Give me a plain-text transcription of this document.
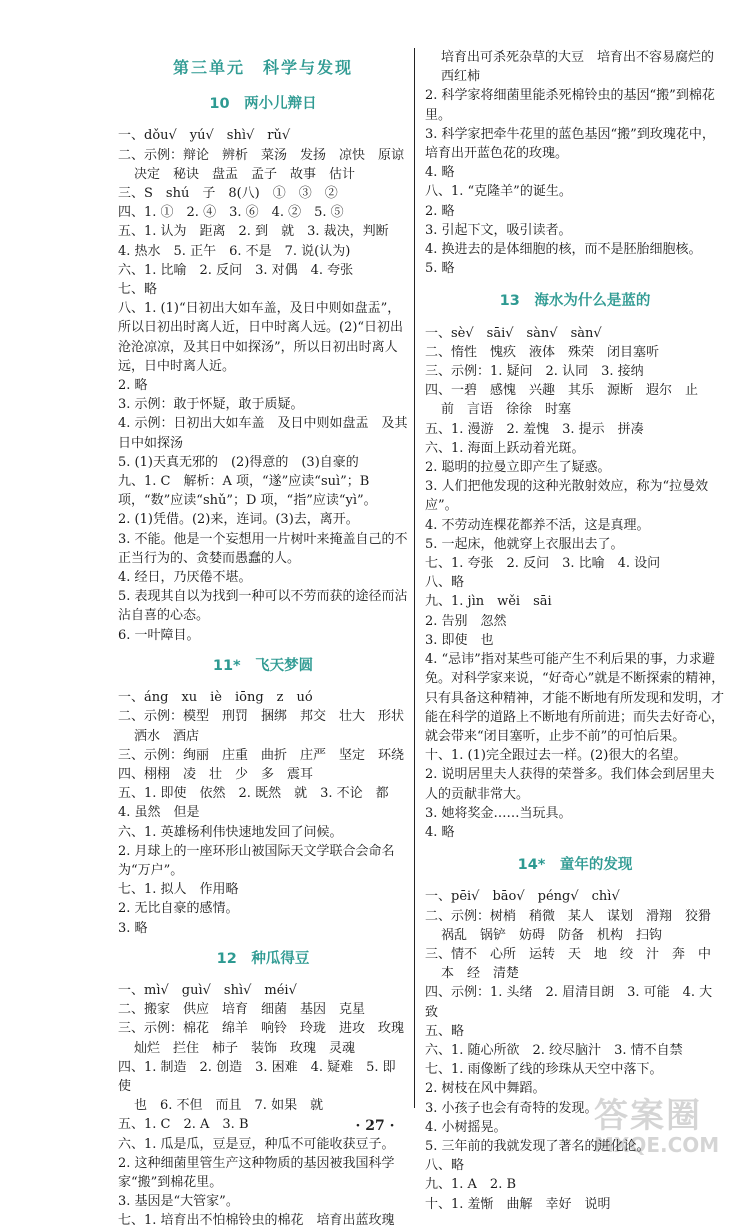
第三单元　科学与发现
10　两小儿辩日
一、dǒu√　yú√　shì√　rǔ√
二、示例：辩论　辨析　菜汤　发扬　凉快　原谅
决定　秘诀　盘盂　孟子　故事　估计
三、S　shú　子　8(八)　①　③　②
四、1. ①　2. ④　3. ⑥　4. ②　5. ⑤
五、1. 认为　距离　2. 到　就　3. 裁决，判断
4. 热水　5. 正午　6. 不是　7. 说(认为)
六、1. 比喻　2. 反问　3. 对偶　4. 夸张
七、略
八、1. (1)“日初出大如车盖，及日中则如盘盂”，所以日初出时离人近，日中时离人远。(2)“日初出沧沧凉凉，及其日中如探汤”，所以日初出时离人远，日中时离人近。
2. 略
3. 示例：敢于怀疑，敢于质疑。
4. 示例：日初出大如车盖　及日中则如盘盂　及其日中如探汤
5. (1)天真无邪的　(2)得意的　(3)自豪的
九、1. C　解析：A 项，“遂”应读“suì”；B 项，“数”应读“shǔ”；D 项，“指”应读“yì”。
2. (1)凭借。(2)来，连词。(3)去，离开。
3. 不能。他是一个妄想用一片树叶来掩盖自己的不正当行为的、贪婪而愚蠢的人。
4. 经日，乃厌倦不堪。
5. 表现其自以为找到一种可以不劳而获的途径而沾沾自喜的心态。
6. 一叶障目。
11*　飞天梦圆
一、áng　xu　iè　iōng　z　uó
二、示例：模型　刑罚　捆绑　邦交　壮大　形状
洒水　酒店
三、示例：绚丽　庄重　曲折　庄严　坚定　环绕
四、栩栩　凌　壮　少　多　震耳
五、1. 即使　依然　2. 既然　就　3. 不论　都
4. 虽然　但是
六、1. 英雄杨利伟快速地发回了问候。
2. 月球上的一座环形山被国际天文学联合会命名为“万户”。
七、1. 拟人　作用略
2. 无比自豪的感情。
3. 略
12　种瓜得豆
一、mì√　guì√　shì√　méi√
二、搬家　供应　培育　细菌　基因　克星
三、示例：棉花　绵羊　响铃　玲珑　进攻　玫瑰
灿烂　拦住　柿子　装饰　玫瑰　灵魂
四、1. 制造　2. 创造　3. 困难　4. 疑难　5. 即使
也　6. 不但　而且　7. 如果　就
五、1. C　2. A　3. B
六、1. 瓜是瓜，豆是豆，种瓜不可能收获豆子。
2. 这种细菌里管生产这种物质的基因被我国科学家“搬”到棉花里。
3. 基因是“大管家”。
七、1. 培育出不怕棉铃虫的棉花　培育出蓝玫瑰
培育出可杀死杂草的大豆　培育出不容易腐烂的西红柿
2. 科学家将细菌里能杀死棉铃虫的基因“搬”到棉花里。
3. 科学家把牵牛花里的蓝色基因“搬”到玫瑰花中，培育出开蓝色花的玫瑰。
4. 略
八、1. “克隆羊”的诞生。
2. 略
3. 引起下文，吸引读者。
4. 换进去的是体细胞的核，而不是胚胎细胞核。
5. 略
13　海水为什么是蓝的
一、sè√　sāi√　sàn√　sàn√
二、惰性　愧疚　液体　殊荣　闭目塞听
三、示例：1. 疑问　2. 认同　3. 接纳
四、一碧　感愧　兴趣　其乐　源断　遐尔　止
前　言语　徐徐　时塞
五、1. 漫游　2. 羞愧　3. 提示　拼凑
六、1. 海面上跃动着光斑。
2. 聪明的拉曼立即产生了疑惑。
3. 人们把他发现的这种光散射效应，称为“拉曼效应”。
4. 不劳动连棵花都养不活，这是真理。
5. 一起床，他就穿上衣服出去了。
七、1. 夸张　2. 反问　3. 比喻　4. 设问
八、略
九、1. jìn　wěi　sāi
2. 告别　忽然
3. 即使　也
4. “忌讳”指对某些可能产生不利后果的事，力求避免。对科学家来说，“好奇心”就是不断探索的精神，只有具备这种精神，才能不断地有所发现和发明，才能在科学的道路上不断地有所前进；而失去好奇心，就会带来“闭目塞听，止步不前”的可怕后果。
十、1. (1)完全跟过去一样。(2)很大的名望。
2. 说明居里夫人获得的荣誉多。我们体会到居里夫人的贡献非常大。
3. 她将奖金……当玩具。
4. 略
14*　童年的发现
一、pēi√　bāo√　péng√　chì√
二、示例：树梢　稍微　某人　谋划　滑翔　狡猾
祸乱　锅铲　妨碍　防备　机构　扫钩
三、情不　心所　运转　天　地　绞　汁　奔　中
本　经　清楚
四、示例：1. 头绪　2. 眉清目朗　3. 可能　4. 大致
五、略
六、1. 随心所欲　2. 绞尽脑汁　3. 情不自禁
七、1. 雨像断了线的珍珠从天空中落下。
2. 树枝在风中舞蹈。
3. 小孩子也会有奇特的发现。
4. 小树摇晃。
5. 三年前的我就发现了著名的进化论。
八、略
九、1. A　2. B
十、1. 羞惭　曲解　幸好　说明
· 27 ·	答案圈
MXQE.COM
